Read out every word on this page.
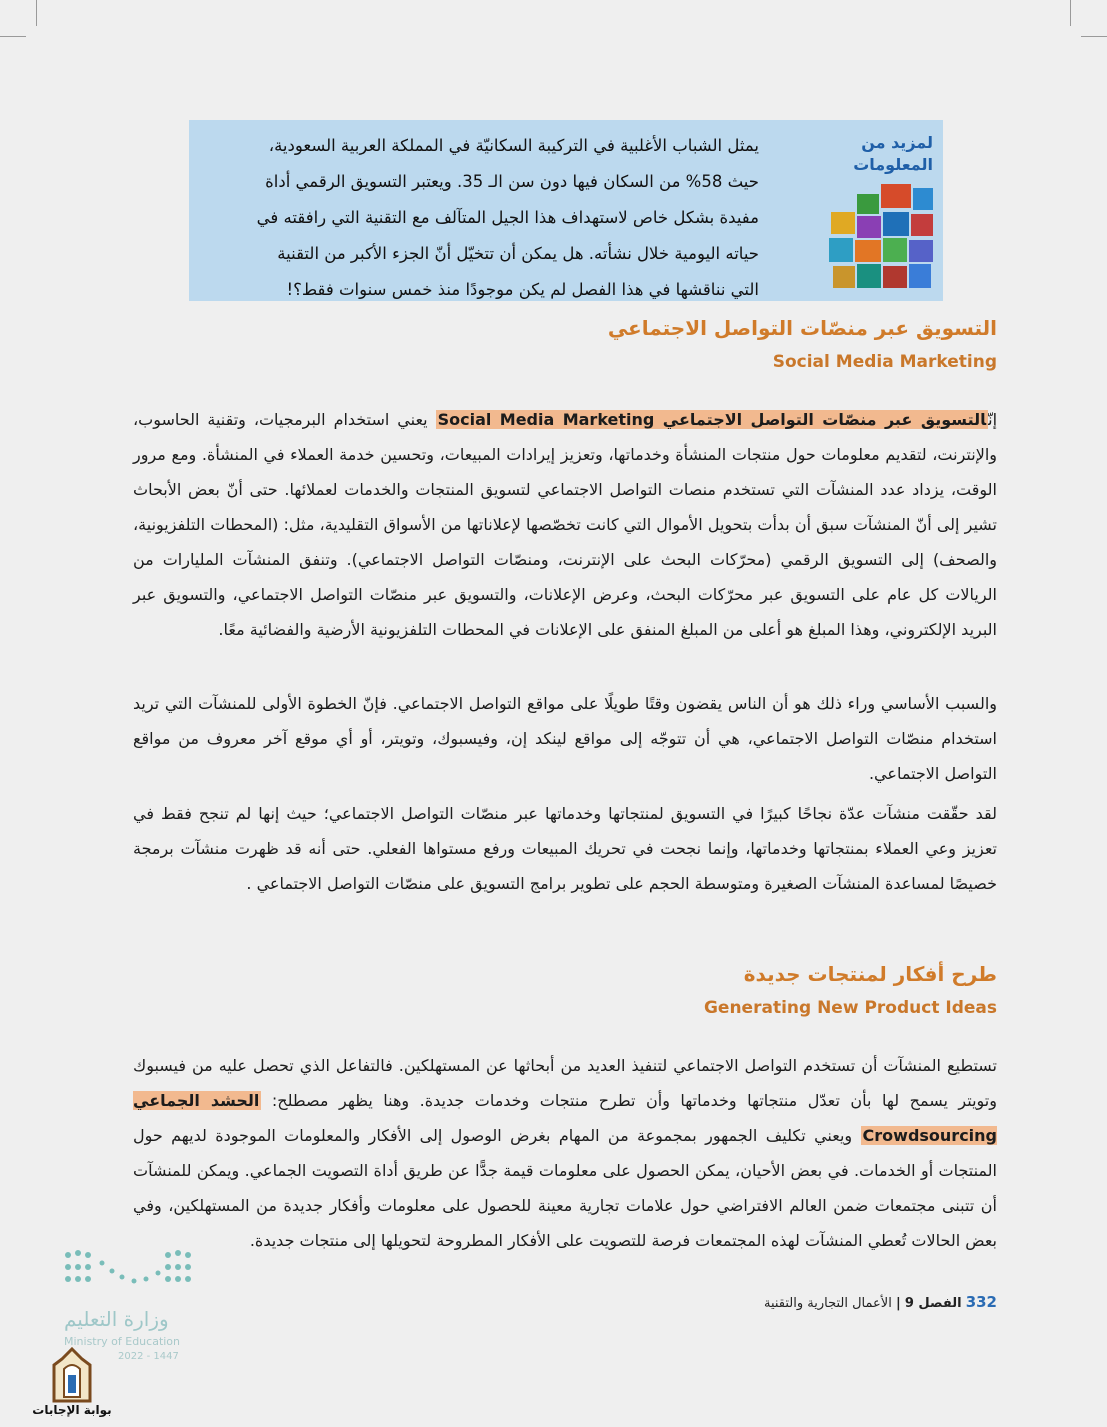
يمثل الشباب الأغلبية في التركيبة السكانيّة في المملكة العربية السعودية،
حيث 58% من السكان فيها دون سن الـ 35. ويعتبر التسويق الرقمي أداة
مفيدة بشكل خاص لاستهداف هذا الجيل المتآلف مع التقنية التي رافقته في
حياته اليومية خلال نشأته. هل يمكن أن تتخيّل أنّ الجزء الأكبر من التقنية
التي نناقشها في هذا الفصل لم يكن موجودًا منذ خمس سنوات فقط؟!
لمزيد من المعلومات
التسويق عبر منصّات التواصل الاجتماعي
Social Media Marketing
إنّالتسويق عبر منصّات التواصل الاجتماعي Social Media Marketing يعني استخدام البرمجيات، وتقنية الحاسوب، والإنترنت، لتقديم معلومات حول منتجات المنشأة وخدماتها، وتعزيز إيرادات المبيعات، وتحسين خدمة العملاء في المنشأة. ومع مرور الوقت، يزداد عدد المنشآت التي تستخدم منصات التواصل الاجتماعي لتسويق المنتجات والخدمات لعملائها. حتى أنّ بعض الأبحاث تشير إلى أنّ المنشآت سبق أن بدأت بتحويل الأموال التي كانت تخصّصها لإعلاناتها من الأسواق التقليدية، مثل: (المحطات التلفزيونية، والصحف) إلى التسويق الرقمي (محرّكات البحث على الإنترنت، ومنصّات التواصل الاجتماعي). وتنفق المنشآت المليارات من الريالات كل عام على التسويق عبر محرّكات البحث، وعرض الإعلانات، والتسويق عبر منصّات التواصل الاجتماعي، والتسويق عبر البريد الإلكتروني، وهذا المبلغ هو أعلى من المبلغ المنفق على الإعلانات في المحطات التلفزيونية الأرضية والفضائية معًا.
والسبب الأساسي وراء ذلك هو أن الناس يقضون وقتًا طويلًا على مواقع التواصل الاجتماعي. فإنّ الخطوة الأولى للمنشآت التي تريد استخدام منصّات التواصل الاجتماعي، هي أن تتوجّه إلى مواقع لينكد إن، وفيسبوك، وتويتر، أو أي موقع آخر معروف من مواقع التواصل الاجتماعي.
لقد حقّقت منشآت عدّة نجاحًا كبيرًا في التسويق لمنتجاتها وخدماتها عبر منصّات التواصل الاجتماعي؛ حيث إنها لم تنجح فقط في تعزيز وعي العملاء بمنتجاتها وخدماتها، وإنما نجحت في تحريك المبيعات ورفع مستواها الفعلي. حتى أنه قد ظهرت منشآت برمجة خصيصًا لمساعدة المنشآت الصغيرة ومتوسطة الحجم على تطوير برامج التسويق على منصّات التواصل الاجتماعي .
طرح أفكار لمنتجات جديدة
Generating New Product Ideas
تستطيع المنشآت أن تستخدم التواصل الاجتماعي لتنفيذ العديد من أبحاثها عن المستهلكين. فالتفاعل الذي تحصل عليه من فيسبوك وتويتر يسمح لها بأن تعدّل منتجاتها وخدماتها وأن تطرح منتجات وخدمات جديدة. وهنا يظهر مصطلح: الحشد الجماعي Crowdsourcing ويعني تكليف الجمهور بمجموعة من المهام بغرض الوصول إلى الأفكار والمعلومات الموجودة لديهم حول المنتجات أو الخدمات. في بعض الأحيان، يمكن الحصول على معلومات قيمة جدًّا عن طريق أداة التصويت الجماعي. ويمكن للمنشآت أن تتبنى مجتمعات ضمن العالم الافتراضي حول علامات تجارية معينة للحصول على معلومات وأفكار جديدة من المستهلكين، وفي بعض الحالات تُعطي المنشآت لهذه المجتمعات فرصة للتصويت على الأفكار المطروحة لتحويلها إلى منتجات جديدة.
332 الفصل 9 | الأعمال التجارية والتقنية
وزارة التعليم
Ministry of Education
2022 - 1447
بوابة الإجابات
